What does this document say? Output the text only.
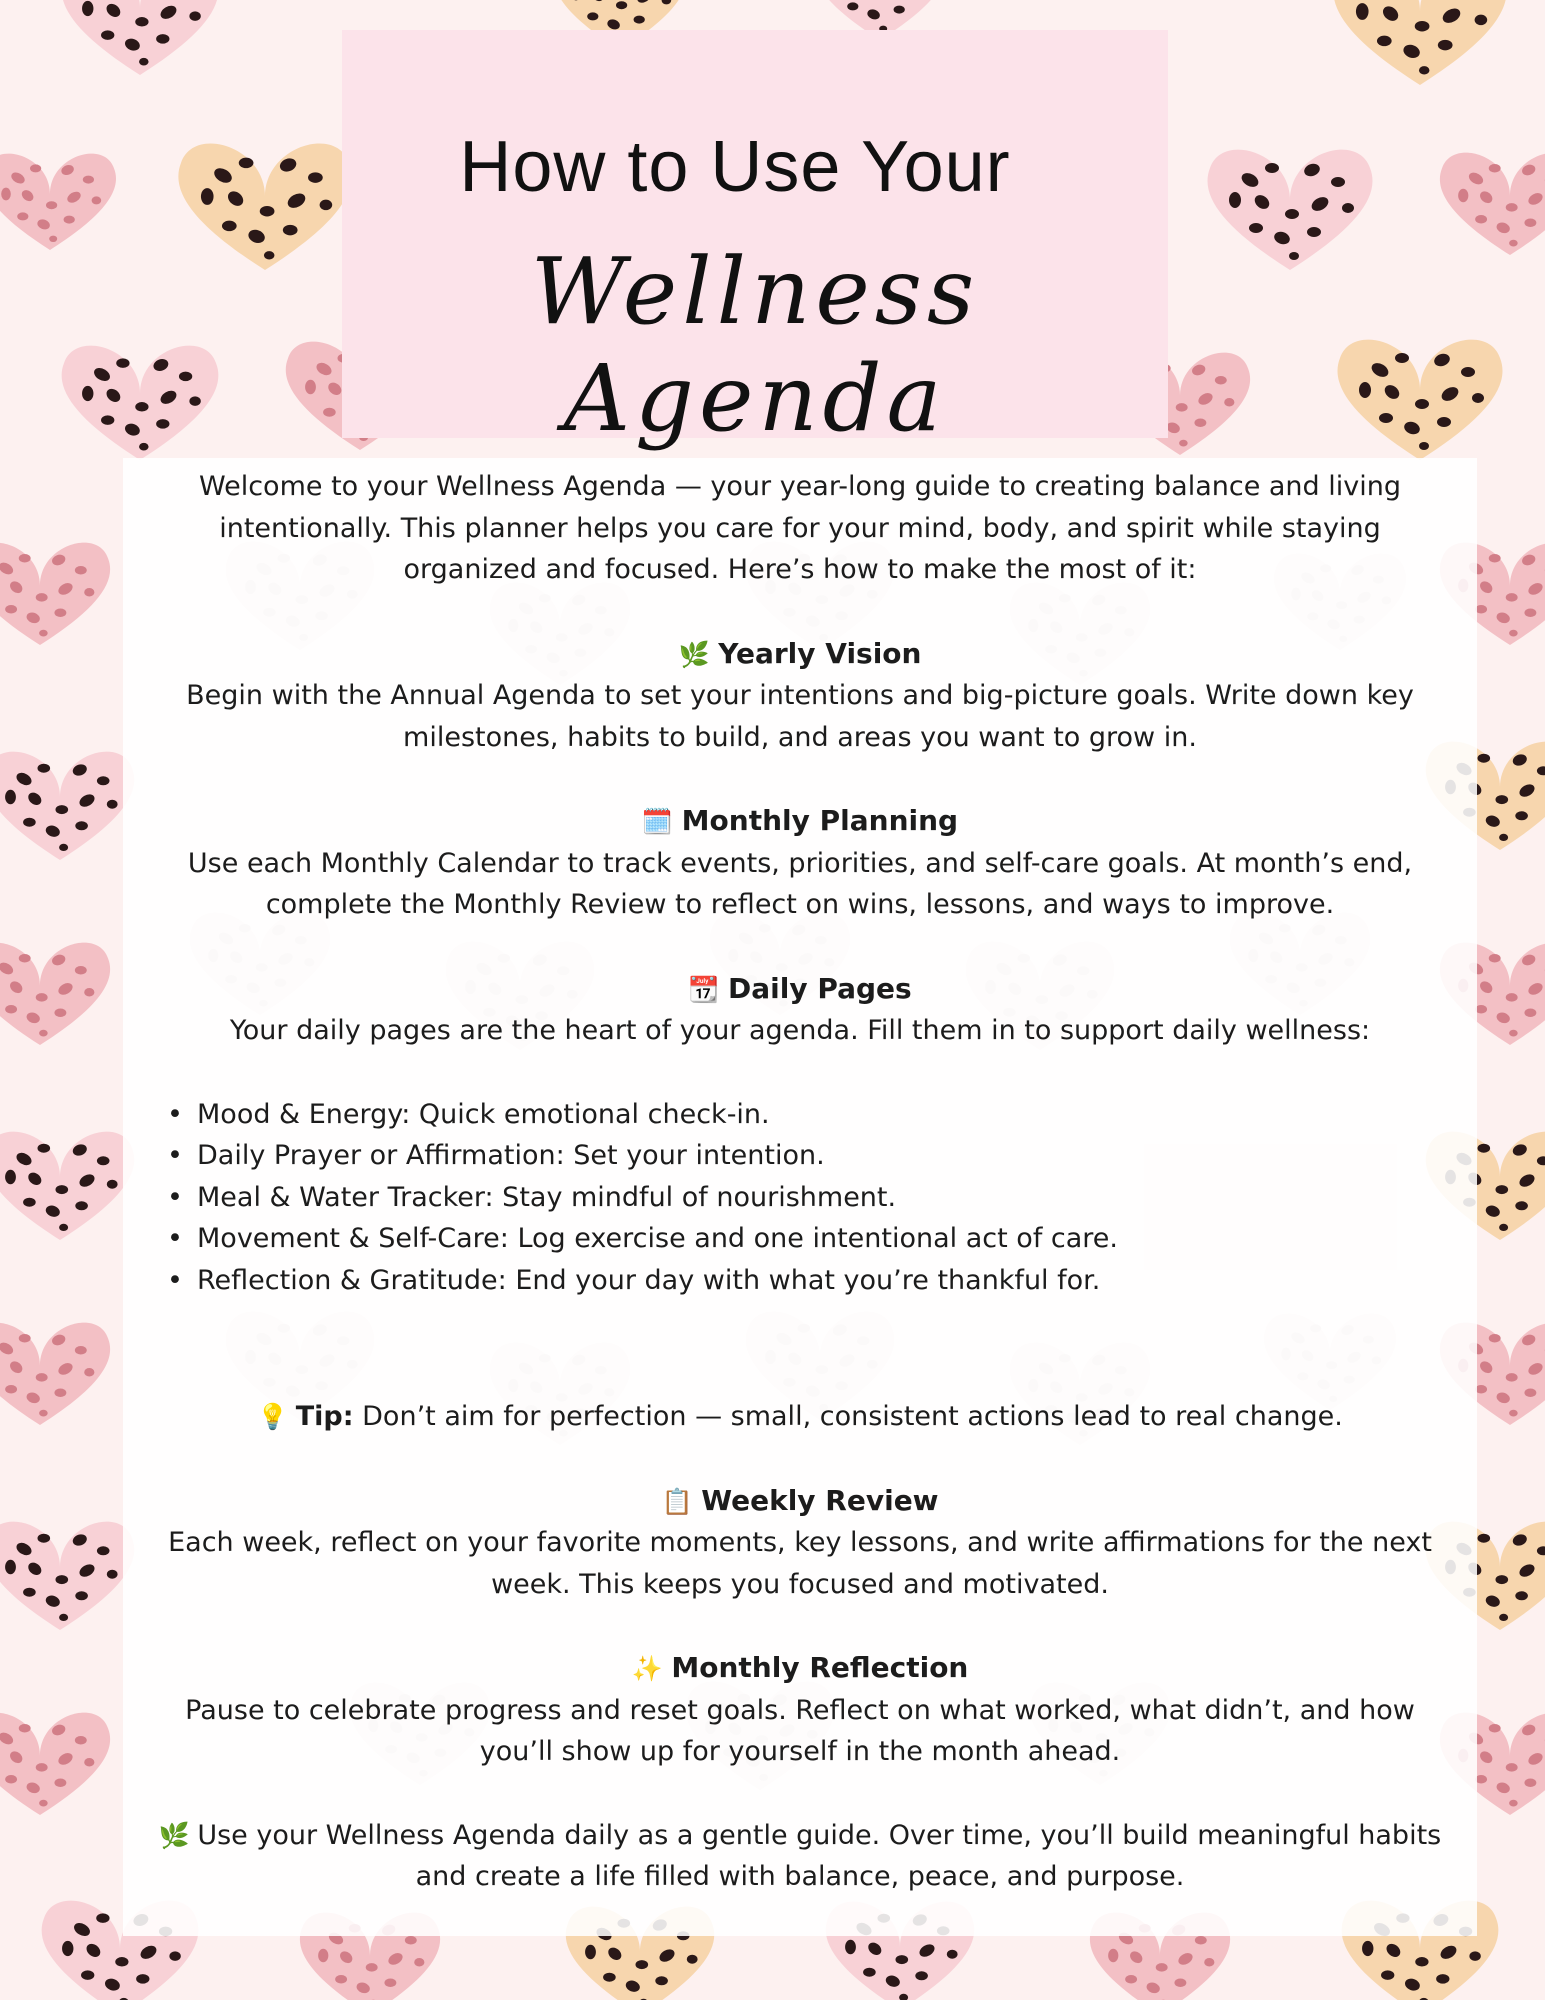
How to Use Your
Wellness Agenda

Welcome to your Wellness Agenda — your year-long guide to creating balance and living intentionally. This planner helps you care for your mind, body, and spirit while staying organized and focused. Here’s how to make the most of it:

🌿 Yearly Vision

Begin with the Annual Agenda to set your intentions and big-picture goals. Write down key milestones, habits to build, and areas you want to grow in.

🗓️ Monthly Planning

Use each Monthly Calendar to track events, priorities, and self-care goals. At month’s end, complete the Monthly Review to reflect on wins, lessons, and ways to improve.

📆 Daily Pages

Your daily pages are the heart of your agenda. Fill them in to support daily wellness:

• Mood & Energy: Quick emotional check-in.
• Daily Prayer or Affirmation: Set your intention.
• Meal & Water Tracker: Stay mindful of nourishment.
• Movement & Self-Care: Log exercise and one intentional act of care.
• Reflection & Gratitude: End your day with what you’re thankful for.

💡 Tip: Don’t aim for perfection — small, consistent actions lead to real change.

📋 Weekly Review

Each week, reflect on your favorite moments, key lessons, and write affirmations for the next week. This keeps you focused and motivated.

✨ Monthly Reflection

Pause to celebrate progress and reset goals. Reflect on what worked, what didn’t, and how you’ll show up for yourself in the month ahead.

🌿 Use your Wellness Agenda daily as a gentle guide. Over time, you’ll build meaningful habits and create a life filled with balance, peace, and purpose.
